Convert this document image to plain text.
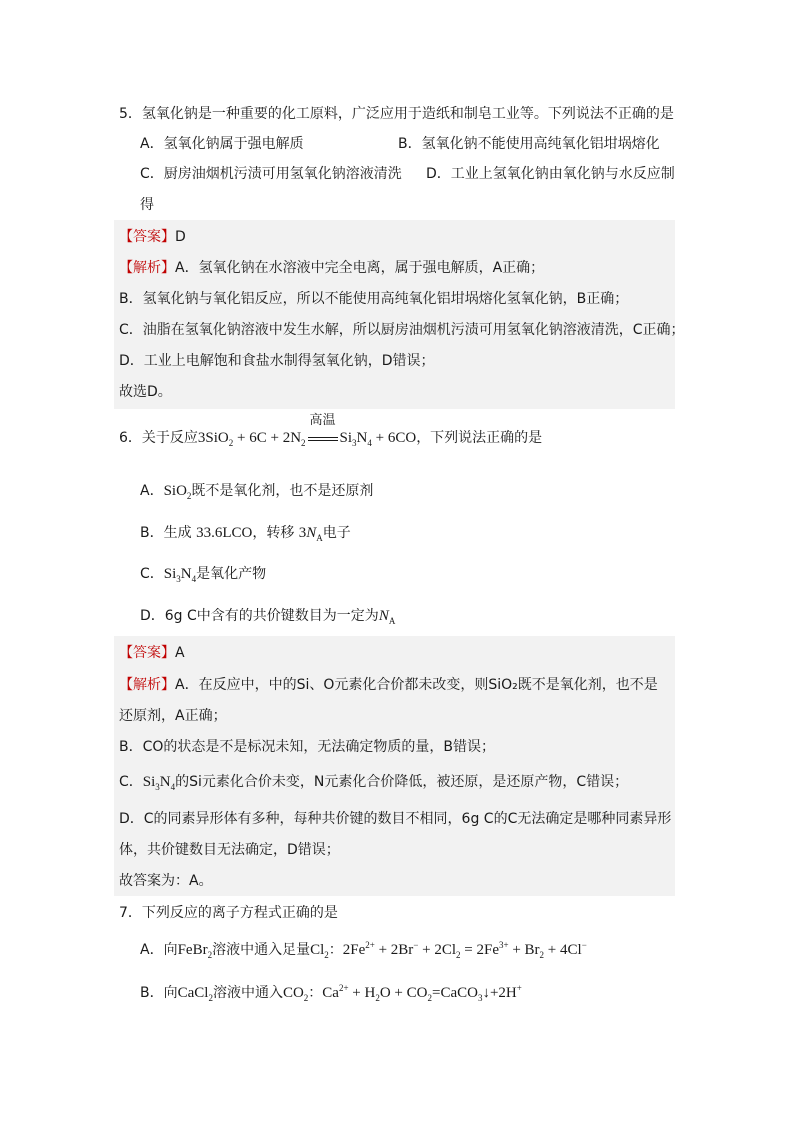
5．氢氧化钠是一种重要的化工原料，广泛应用于造纸和制皂工业等。下列说法不正确的是
A．氢氧化钠属于强电解质	B．氢氧化钠不能使用高纯氧化铝坩埚熔化
C．厨房油烟机污渍可用氢氧化钠溶液清洗 D．工业上氢氧化钠由氧化钠与水反应制
得
【答案】D
【解析】A．氢氧化钠在水溶液中完全电离，属于强电解质，A正确；
B．氢氧化钠与氧化铝反应，所以不能使用高纯氧化铝坩埚熔化氢氧化钠，B正确；
C．油脂在氢氧化钠溶液中发生水解，所以厨房油烟机污渍可用氢氧化钠溶液清洗，C正确；
D．工业上电解饱和食盐水制得氢氧化钠，D错误；
故选D。
6．关于反应$3SiO_2 + 6C + 2N_2$
高温
$Si_3N_4 + 6CO$，下列说法正确的是
A．SiO$_2$既不是氧化剂，也不是还原剂
B．生成 33.6LCO，转移 $3N_A$电子
C．$Si_3N_4$是氧化产物
D．6g C中含有的共价键数目为一定为$N_A$
【答案】A
【解析】A．在反应中，中的Si、O元素化合价都未改变，则SiO₂既不是氧化剂，也不是
还原剂，A正确；
B．CO的状态是不是标况未知，无法确定物质的量，B错误；
C．$Si_3N_4$的Si元素化合价未变，N元素化合价降低，被还原，是还原产物，C错误；
D．C的同素异形体有多种，每种共价键的数目不相同，6g C的C无法确定是哪种同素异形
体，共价键数目无法确定，D错误；
故答案为：A。
7．下列反应的离子方程式正确的是
A．向FeBr$_2$溶液中通入足量$Cl_2$：$2Fe^{2+} + 2Br^- + 2Cl_2 = 2Fe^{3+} + Br_2 + 4Cl^-$
B．向CaCl$_2$溶液中通入$CO_2$：$Ca^{2+} + H_2O$ + $CO_2=CaCO_3↓+2H^+$
